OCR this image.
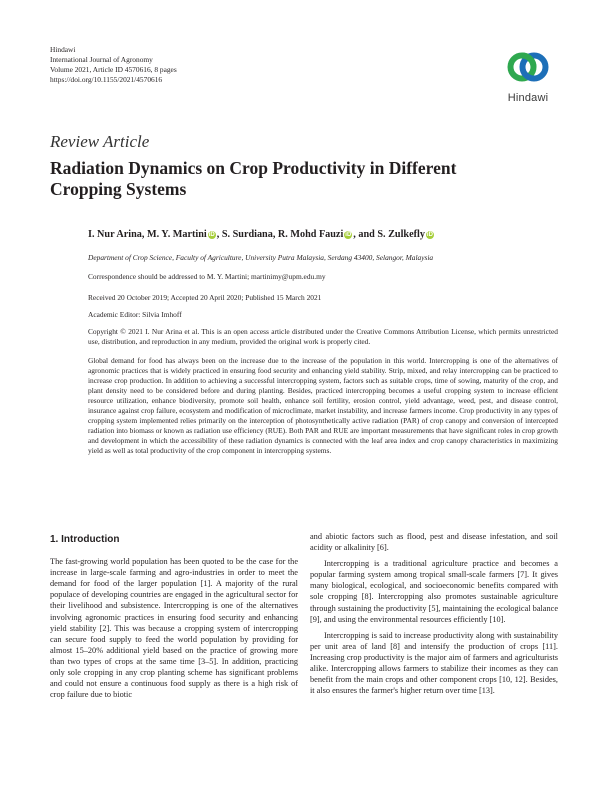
Hindawi
International Journal of Agronomy
Volume 2021, Article ID 4570616, 8 pages
https://doi.org/10.1155/2021/4570616
Hindawi
Review Article
Radiation Dynamics on Crop Productivity in Different Cropping Systems
I. Nur Arina, M. Y. Martini iD , S. Surdiana, R. Mohd Fauzi iD , and S. Zulkefly iD
Department of Crop Science, Faculty of Agriculture, University Putra Malaysia, Serdang 43400, Selangor, Malaysia
Correspondence should be addressed to M. Y. Martini; martinimy@upm.edu.my
Received 20 October 2019; Accepted 20 April 2020; Published 15 March 2021
Academic Editor: Silvia Imhoff
Copyright © 2021 I. Nur Arina et al. This is an open access article distributed under the Creative Commons Attribution License, which permits unrestricted use, distribution, and reproduction in any medium, provided the original work is properly cited.
Global demand for food has always been on the increase due to the increase of the population in this world. Intercropping is one of the alternatives of agronomic practices that is widely practiced in ensuring food security and enhancing yield stability. Strip, mixed, and relay intercropping can be practiced to increase crop production. In addition to achieving a successful intercropping system, factors such as suitable crops, time of sowing, maturity of the crop, and plant density need to be considered before and during planting. Besides, practiced intercropping becomes a useful cropping system to increase efficient resource utilization, enhance biodiversity, promote soil health, enhance soil fertility, erosion control, yield advantage, weed, pest, and disease control, insurance against crop failure, ecosystem and modification of microclimate, market instability, and increase farmers income. Crop productivity in any types of cropping system implemented relies primarily on the interception of photosynthetically active radiation (PAR) of crop canopy and conversion of intercepted radiation into biomass or known as radiation use efficiency (RUE). Both PAR and RUE are important measurements that have significant roles in crop growth and development in which the accessibility of these radiation dynamics is connected with the leaf area index and crop canopy characteristics in maximizing yield as well as total productivity of the crop component in intercropping systems.
1. Introduction

The fast-growing world population has been quoted to be the case for the increase in large-scale farming and agro-industries in order to meet the demand for food of the larger population [1]. A majority of the rural populace of developing countries are engaged in the agricultural sector for their livelihood and subsistence. Intercropping is one of the alternatives involving agronomic practices in ensuring food security and enhancing yield stability [2]. This was because a cropping system of intercropping can secure food supply to feed the world population by providing for almost 15–20% additional yield based on the practice of growing more than two types of crops at the same time [3–5]. In addition, practicing only sole cropping in any crop planting scheme has significant problems and could not ensure a continuous food supply as there is a high risk of crop failure due to biotic

and abiotic factors such as flood, pest and disease infestation, and soil acidity or alkalinity [6].

Intercropping is a traditional agriculture practice and becomes a popular farming system among tropical small-scale farmers [7]. It gives many biological, ecological, and socioeconomic benefits compared with sole cropping [8]. Intercropping also promotes sustainable agriculture through sustaining the productivity [5], maintaining the ecological balance [9], and using the environmental resources efficiently [10].

Intercropping is said to increase productivity along with sustainability per unit area of land [8] and intensify the production of crops [11]. Increasing crop productivity is the major aim of farmers and agriculturists alike. Intercropping allows farmers to stabilize their incomes as they can benefit from the main crops and other component crops [10, 12]. Besides, it also ensures the farmer's higher return over time [13].
